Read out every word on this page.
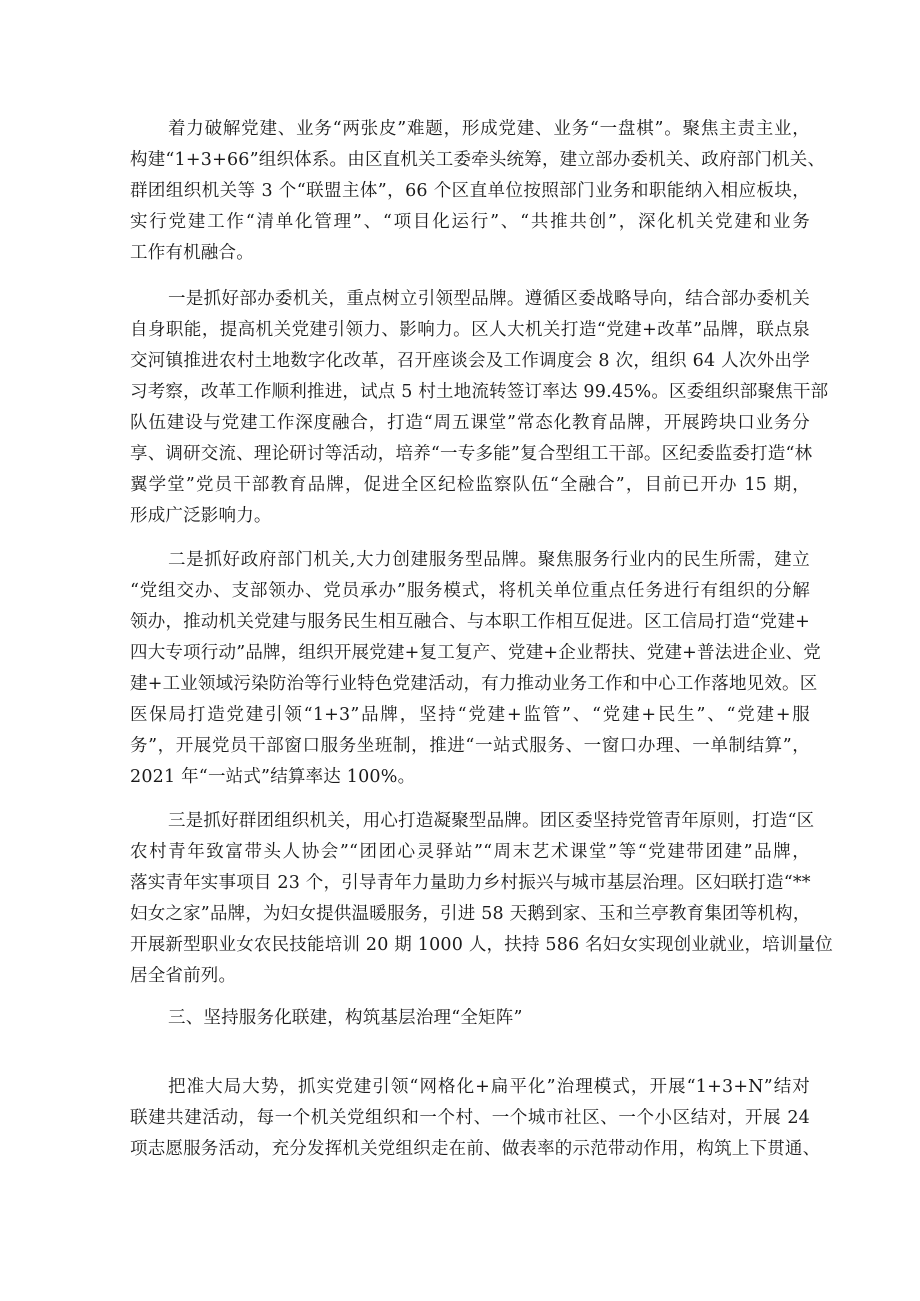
着力破解党建、业务“两张皮”难题，形成党建、业务“一盘棋”。聚焦主责主业，
构建“1+3+66”组织体系。由区直机关工委牵头统筹，建立部办委机关、政府部门机关、
群团组织机关等 3 个“联盟主体”，66 个区直单位按照部门业务和职能纳入相应板块，
实行党建工作“清单化管理”、“项目化运行”、“共推共创”，深化机关党建和业务
工作有机融合。
一是抓好部办委机关，重点树立引领型品牌。遵循区委战略导向，结合部办委机关
自身职能，提高机关党建引领力、影响力。区人大机关打造“党建+改革”品牌，联点泉
交河镇推进农村土地数字化改革，召开座谈会及工作调度会 8 次，组织 64 人次外出学
习考察，改革工作顺利推进，试点 5 村土地流转签订率达 99.45%。区委组织部聚焦干部
队伍建设与党建工作深度融合，打造“周五课堂”常态化教育品牌，开展跨块口业务分
享、调研交流、理论研讨等活动，培养“一专多能”复合型组工干部。区纪委监委打造“林
翼学堂”党员干部教育品牌，促进全区纪检监察队伍“全融合”，目前已开办 15 期，
形成广泛影响力。
二是抓好政府部门机关,大力创建服务型品牌。聚焦服务行业内的民生所需，建立
“党组交办、支部领办、党员承办”服务模式，将机关单位重点任务进行有组织的分解
领办，推动机关党建与服务民生相互融合、与本职工作相互促进。区工信局打造“党建+
四大专项行动”品牌，组织开展党建+复工复产、党建+企业帮扶、党建+普法进企业、党
建+工业领域污染防治等行业特色党建活动，有力推动业务工作和中心工作落地见效。区
医保局打造党建引领“1+3”品牌，坚持“党建+监管”、“党建+民生”、“党建+服
务”，开展党员干部窗口服务坐班制，推进“一站式服务、一窗口办理、一单制结算”，
2021 年“一站式”结算率达 100%。
三是抓好群团组织机关，用心打造凝聚型品牌。团区委坚持党管青年原则，打造“区
农村青年致富带头人协会”“团团心灵驿站”“周末艺术课堂”等“党建带团建”品牌，
落实青年实事项目 23 个，引导青年力量助力乡村振兴与城市基层治理。区妇联打造“**
妇女之家”品牌，为妇女提供温暖服务，引进 58 天鹅到家、玉和兰亭教育集团等机构，
开展新型职业女农民技能培训 20 期 1000 人，扶持 586 名妇女实现创业就业，培训量位
居全省前列。
三、坚持服务化联建，构筑基层治理“全矩阵”
把准大局大势，抓实党建引领“网格化+扁平化”治理模式，开展“1+3+N”结对
联建共建活动，每一个机关党组织和一个村、一个城市社区、一个小区结对，开展 24
项志愿服务活动，充分发挥机关党组织走在前、做表率的示范带动作用，构筑上下贯通、
